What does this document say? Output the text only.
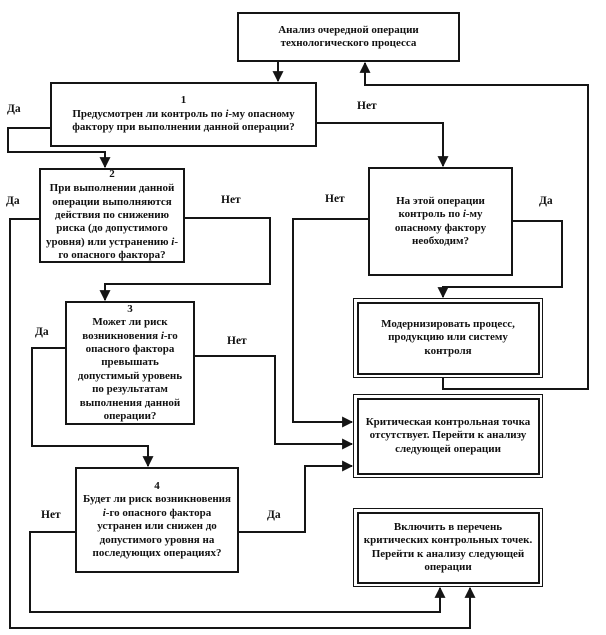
Анализ очередной операции технологического процесса
1
Предусмотрен ли контроль по i-му опасному фактору при выполнении данной операции?
2
При выполнении данной операции выполняются действия по снижению риска (до допустимого уровня) или устранению i-го опасного фактора?
На этой операции контроль по i-му опасному фактору необходим?
3
Может ли риск возникновения i-го опасного фактора превышать допустимый уровень по результатам выполнения данной операции?
4
Будет ли риск возникновения i-го опасного фактора устранен или снижен до допустимого уровня на последующих операциях?
Модернизировать процесс, продукцию или систему контроля
Критическая контрольная точка отсутствует. Перейти к анализу следующей операции
Включить в перечень критических контрольных точек. Перейти к анализу следующей операции
Да	Нет
Да	Нет	Нет	Да
Да
Нет
Нет	Да
